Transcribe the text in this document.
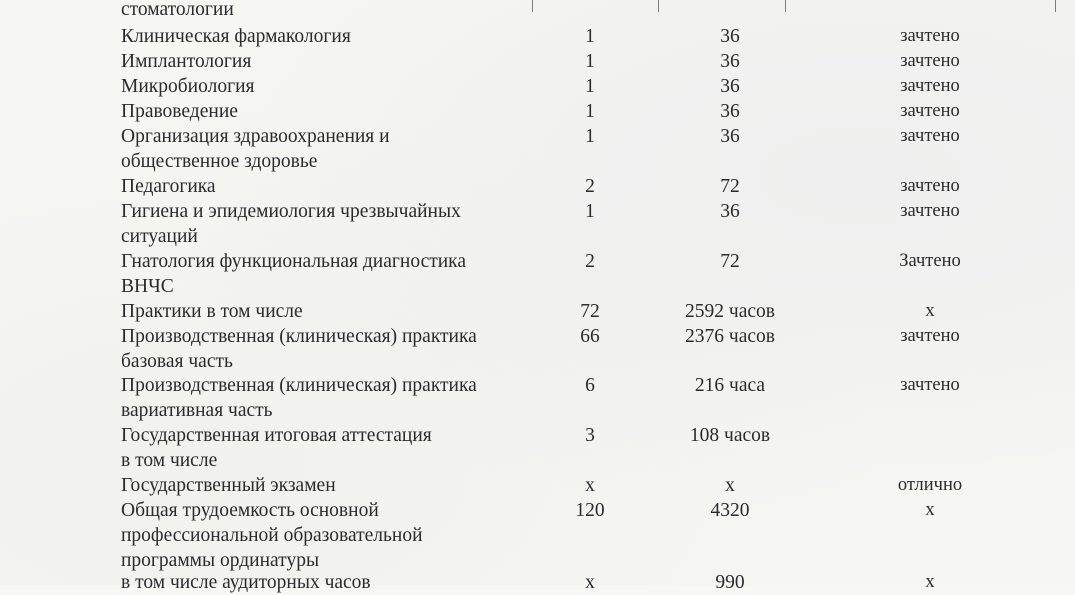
стоматологии
Клиническая фармакология	1	36	зачтено
Имплантология	1	36	зачтено
Микробиология	1	36	зачтено
Правоведение	1	36	зачтено
Организация здравоохранения и
общественное здоровье
1	36	зачтено
Педагогика	2	72	зачтено
Гигиена и эпидемиология чрезвычайных
ситуаций
1	36	зачтено
Гнатология функциональная диагностика
ВНЧС
2	72	Зачтено
Практики в том числе	72	2592 часов	x
Производственная (клиническая) практика
базовая часть
66	2376 часов	зачтено
Производственная (клиническая) практика
вариативная часть
6	216 часа	зачтено
Государственная итоговая аттестация
в том числе
3	108 часов
Государственный экзамен	x	x	отлично
Общая трудоемкость основной
профессиональной образовательной
программы ординатуры
120	4320	x
в том числе аудиторных часов	x	990	x
